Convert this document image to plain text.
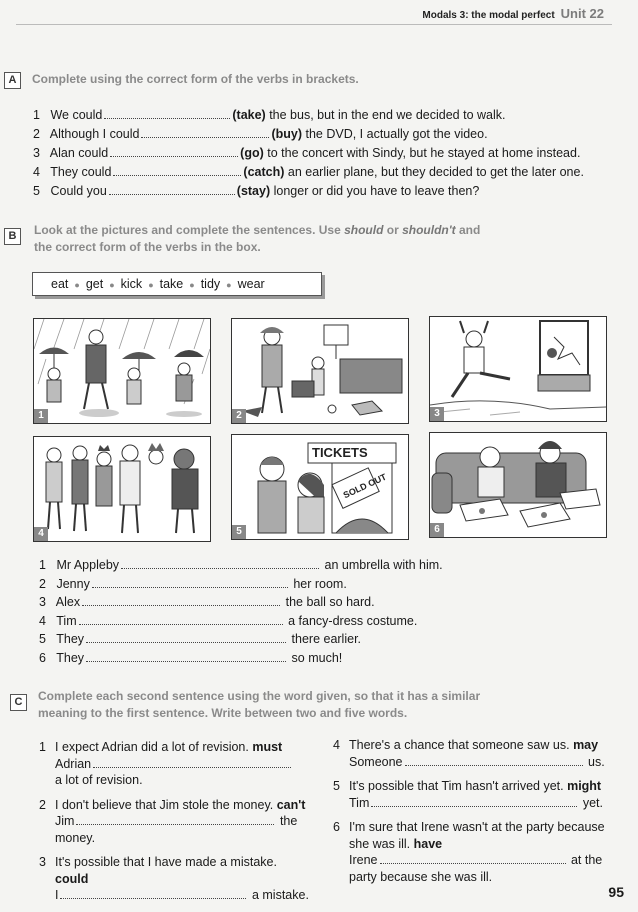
Modals 3: the modal perfect Unit 22
A	Complete using the correct form of the verbs in brackets.
1 We could	(take) the bus, but in the end we decided to walk.
2 Although I could	(buy) the DVD, I actually got the video.
3 Alan could	(go) to the concert with Sindy, but he stayed at home instead.
4 They could	(catch) an earlier plane, but they decided to get the later one.
5 Could you	(stay) longer or did you have to leave then?
B	Look at the pictures and complete the sentences. Use should or shouldn't and
the correct form of the verbs in the box.
eat ● get ● kick ● take ● tidy ● wear
1	2	3
4
TICKETS
SOLD OUT
5	6
1 Mr Appleby	an umbrella with him.
2 Jenny	her room.
3 Alex	the ball so hard.
4 Tim	a fancy-dress costume.
5 They	there earlier.
6 They	so much!
C	Complete each second sentence using the word given, so that it has a similar
meaning to the first sentence. Write between two and five words.
1 I expect Adrian did a lot of revision. must
Adrian
a lot of revision.
2 I don't believe that Jim stole the money. can't
Jim	the
money.
3 It's possible that I have made a mistake.
could
I	a mistake.
4 There's a chance that someone saw us. may
Someone	us.
5 It's possible that Tim hasn't arrived yet. might
Tim	yet.
6 I'm sure that Irene wasn't at the party because she was ill. have
Irene	at the
party because she was ill.
95
